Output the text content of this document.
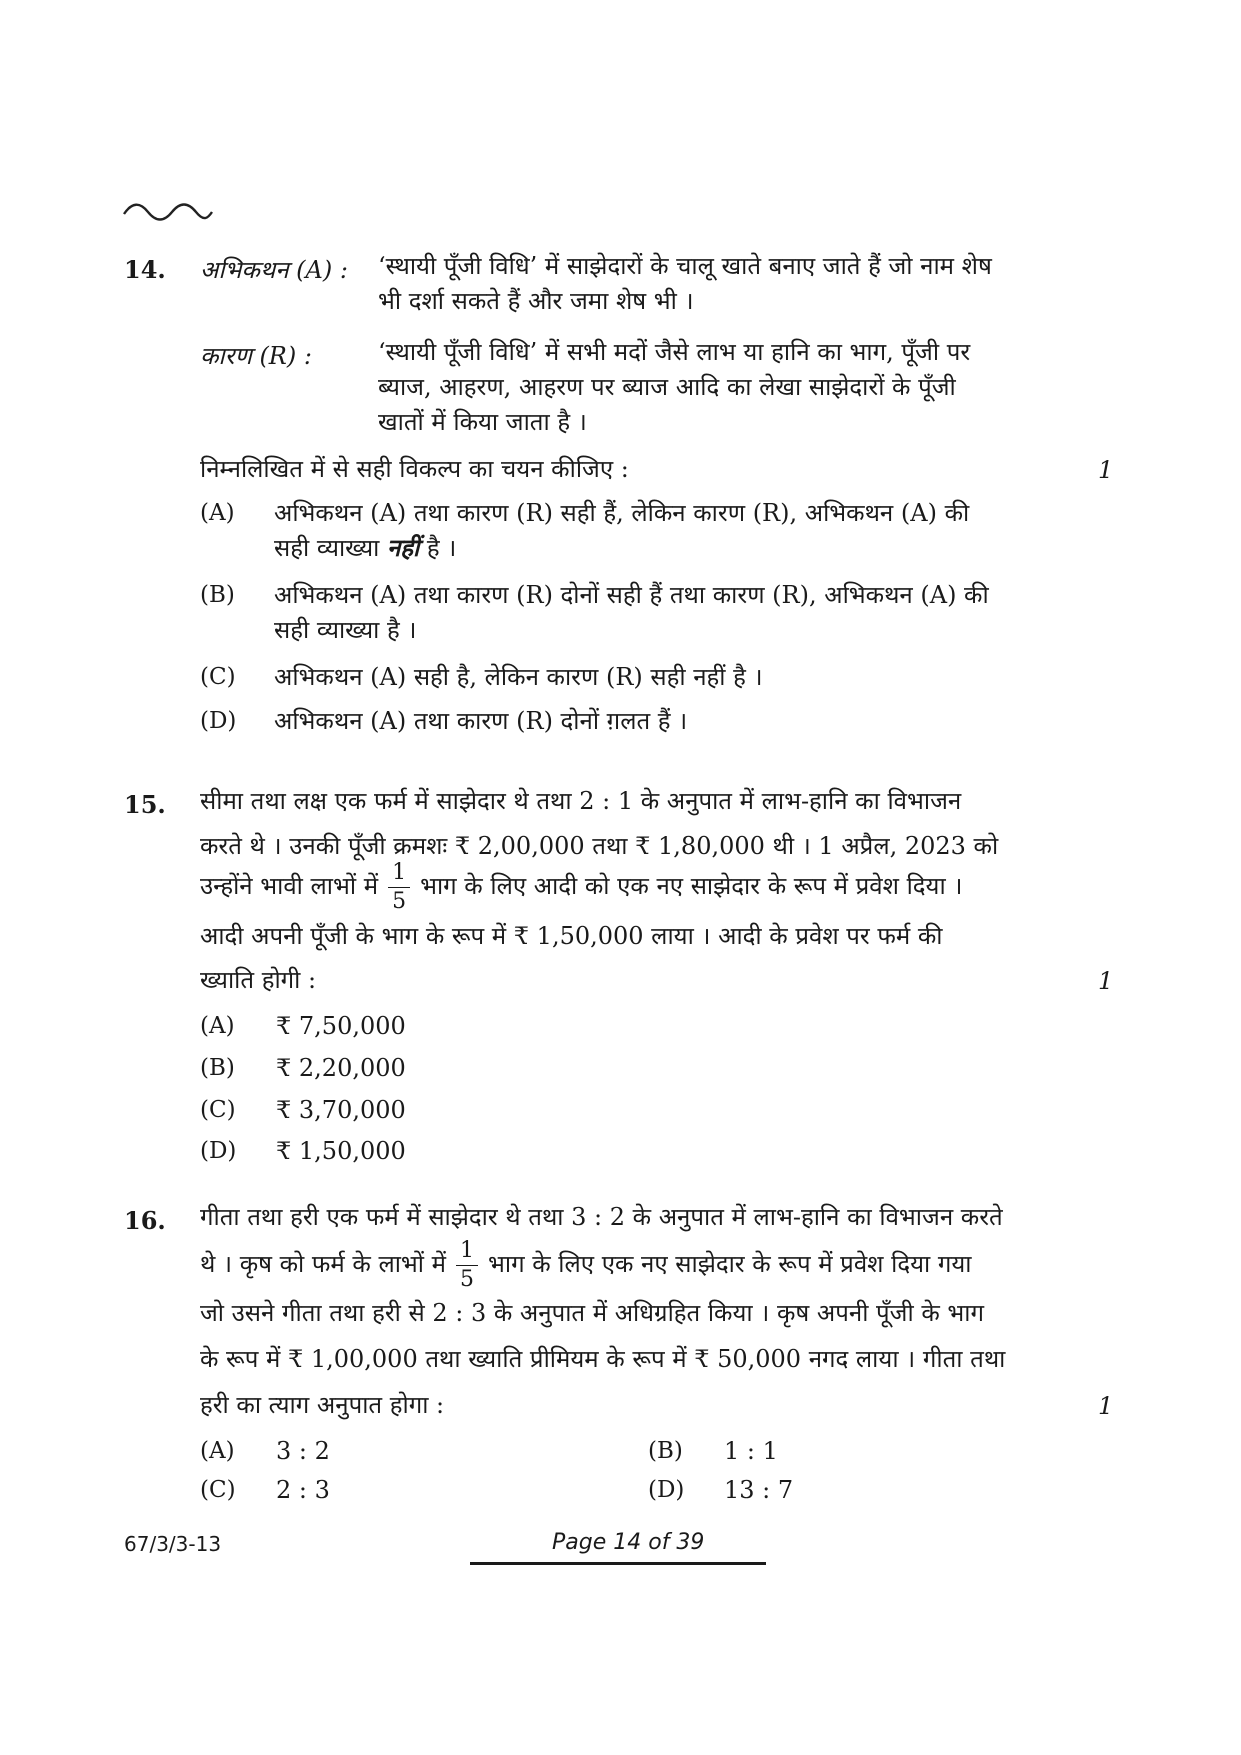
14. अभिकथन (A) : ‘स्थायी पूँजी विधि’ में साझेदारों के चालू खाते बनाए जाते हैं जो नाम शेष
भी दर्शा सकते हैं और जमा शेष भी ।
कारण (R) :	‘स्थायी पूँजी विधि’ में सभी मदों जैसे लाभ या हानि का भाग, पूँजी पर
ब्याज, आहरण, आहरण पर ब्याज आदि का लेखा साझेदारों के पूँजी
खातों में किया जाता है ।
निम्नलिखित में से सही विकल्प का चयन कीजिए :	1
(A) अभिकथन (A) तथा कारण (R) सही हैं, लेकिन कारण (R), अभिकथन (A) की
सही व्याख्या नहीं है ।
(B) अभिकथन (A) तथा कारण (R) दोनों सही हैं तथा कारण (R), अभिकथन (A) की
सही व्याख्या है ।
(C) अभिकथन (A) सही है, लेकिन कारण (R) सही नहीं है ।
(D) अभिकथन (A) तथा कारण (R) दोनों ग़लत हैं ।
15. सीमा तथा लक्ष एक फर्म में साझेदार थे तथा 2 : 1 के अनुपात में लाभ-हानि का विभाजन
करते थे । उनकी पूँजी क्रमशः ₹ 2,00,000 तथा ₹ 1,80,000 थी । 1 अप्रैल, 2023 को
उन्होंने भावी लाभों में $\frac{1}{5}$ भाग के लिए आदी को एक नए साझेदार के रूप में प्रवेश दिया ।
आदी अपनी पूँजी के भाग के रूप में ₹ 1,50,000 लाया । आदी के प्रवेश पर फर्म की
ख्याति होगी :	1
(A) ₹ 7,50,000
(B) ₹ 2,20,000
(C) ₹ 3,70,000
(D) ₹ 1,50,000
16. गीता तथा हरी एक फर्म में साझेदार थे तथा 3 : 2 के अनुपात में लाभ-हानि का विभाजन करते
थे । कृष को फर्म के लाभों में $\frac{1}{5}$ भाग के लिए एक नए साझेदार के रूप में प्रवेश दिया गया
जो उसने गीता तथा हरी से 2 : 3 के अनुपात में अधिग्रहित किया । कृष अपनी पूँजी के भाग
के रूप में ₹ 1,00,000 तथा ख्याति प्रीमियम के रूप में ₹ 50,000 नगद लाया । गीता तथा
हरी का त्याग अनुपात होगा :	1
(A) 3 : 2	(B) 1 : 1
(C) 2 : 3	(D) 13 : 7
67/3/3-13	Page 14 of 39
